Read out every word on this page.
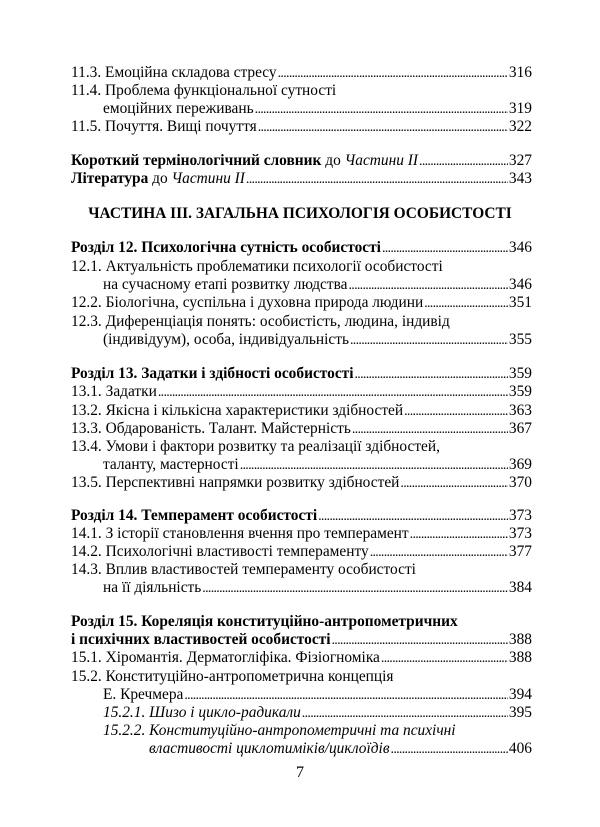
11.3. Емоційна складова стресу . . .	316
11.4. Проблема функціональної сутності
емоційних переживань . . .	319
11.5. Почуття. Вищі почуття . . .	322
Короткий термінологічний словник до Частини ІІ . . .	327
Література до Частини ІІ . . .	343
ЧАСТИНА ІІІ. ЗАГАЛЬНА ПСИХОЛОГІЯ ОСОБИСТОСТІ
Розділ 12. Психологічна сутність особистості . . .	346
12.1. Актуальність проблематики психології особистості
на сучасному етапі розвитку людства . . .	346
12.2. Біологічна, суспільна і духовна природа людини . . .	351
12.3. Диференціація понять: особистість, людина, індивід
(індивідуум), особа, індивідуальність . . .	355
Розділ 13. Задатки і здібності особистості . . .	359
13.1. Задатки . . .	359
13.2. Якісна і кількісна характеристики здібностей . . .	363
13.3. Обдарованість. Талант. Майстерність . . .	367
13.4. Умови і фактори розвитку та реалізації здібностей,
таланту, мастерності . . .	369
13.5. Перспективні напрямки розвитку здібностей . . .	370
Розділ 14. Темперамент особистості . . .	373
14.1. З історії становлення вчення про темперамент . . .	373
14.2. Психологічні властивості темпераменту . . .	377
14.3. Вплив властивостей темпераменту особистості
на її діяльність . . .	384
Розділ 15. Кореляція конституційно-антропометричних
і психічних властивостей особистості . . .	388
15.1. Хіромантія. Дерматогліфіка. Фізіогноміка . . .	388
15.2. Конституційно-антропометрична концепція
Е. Кречмера . . .	394
15.2.1. Шизо і цикло-радикали . . .	395
15.2.2. Конституційно-антропометричні та психічні
властивості циклотиміків/циклоїдів . . .	406
7
